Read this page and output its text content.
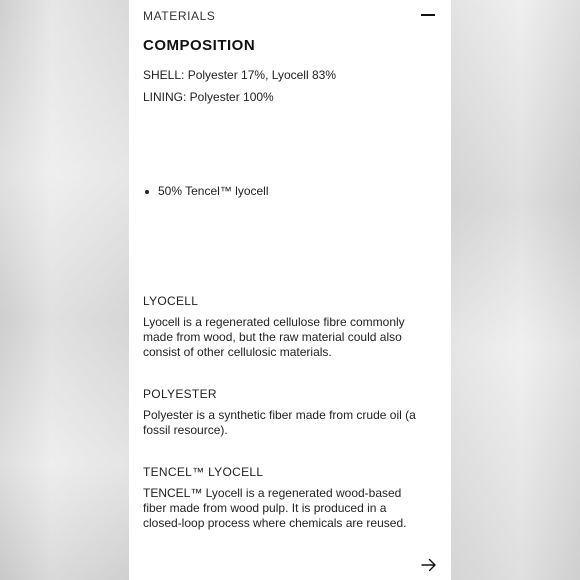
MATERIALS
COMPOSITION
SHELL: Polyester 17%, Lyocell 83%
LINING: Polyester 100%
50% Tencel™ lyocell
LYOCELL
Lyocell is a regenerated cellulose fibre commonly
made from wood, but the raw material could also
consist of other cellulosic materials.
POLYESTER
Polyester is a synthetic fiber made from crude oil (a
fossil resource).
TENCEL™ LYOCELL
TENCEL™ Lyocell is a regenerated wood-based
fiber made from wood pulp. It is produced in a
closed-loop process where chemicals are reused.
